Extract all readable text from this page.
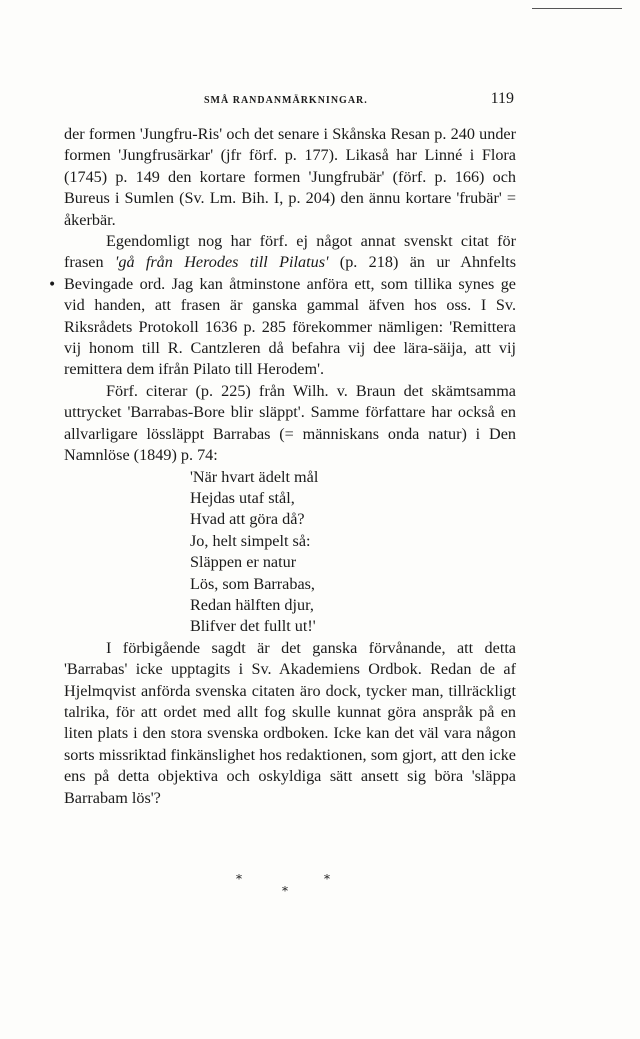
SMÅ RANDANMÄRKNINGAR.	119
•

der formen 'Jungfru-Ris' och det senare i Skånska Resan p. 240 under formen 'Jungfrusärkar' (jfr förf. p. 177). Likaså har Linné i Flora (1745) p. 149 den kortare formen 'Jungfrubär' (förf. p. 166) och Bureus i Sumlen (Sv. Lm. Bih. I, p. 204) den ännu kortare 'frubär' = åkerbär.

Egendomligt nog har förf. ej något annat svenskt citat för frasen 'gå från Herodes till Pilatus' (p. 218) än ur Ahnfelts Bevingade ord. Jag kan åtminstone anföra ett, som tillika synes ge vid handen, att frasen är ganska gammal äfven hos oss. I Sv. Riksrådets Protokoll 1636 p. 285 förekommer nämligen: 'Remittera vij honom till R. Cantzleren då befahra vij dee lära-säija, att vij remittera dem ifrån Pilato till Herodem'.

Förf. citerar (p. 225) från Wilh. v. Braun det skämtsamma uttrycket 'Barrabas-Bore blir släppt'. Samme författare har också en allvarligare lössläppt Barrabas (= människans onda natur) i Den Namnlöse (1849) p. 74:

'När hvart ädelt mål
Hejdas utaf stål,
Hvad att göra då?
Jo, helt simpelt så:
Släppen er natur
Lös, som Barrabas,
Redan hälften djur,
Blifver det fullt ut!'

I förbigående sagdt är det ganska förvånande, att detta 'Barrabas' icke upptagits i Sv. Akademiens Ordbok. Redan de af Hjelmqvist anförda svenska citaten äro dock, tycker man, tillräckligt talrika, för att ordet med allt fog skulle kunnat göra anspråk på en liten plats i den stora svenska ordboken. Icke kan det väl vara någon sorts missriktad finkänslighet hos redaktionen, som gjort, att den icke ens på detta objektiva och oskyldiga sätt ansett sig böra 'släppa Barrabam lös'?

*	*
*
